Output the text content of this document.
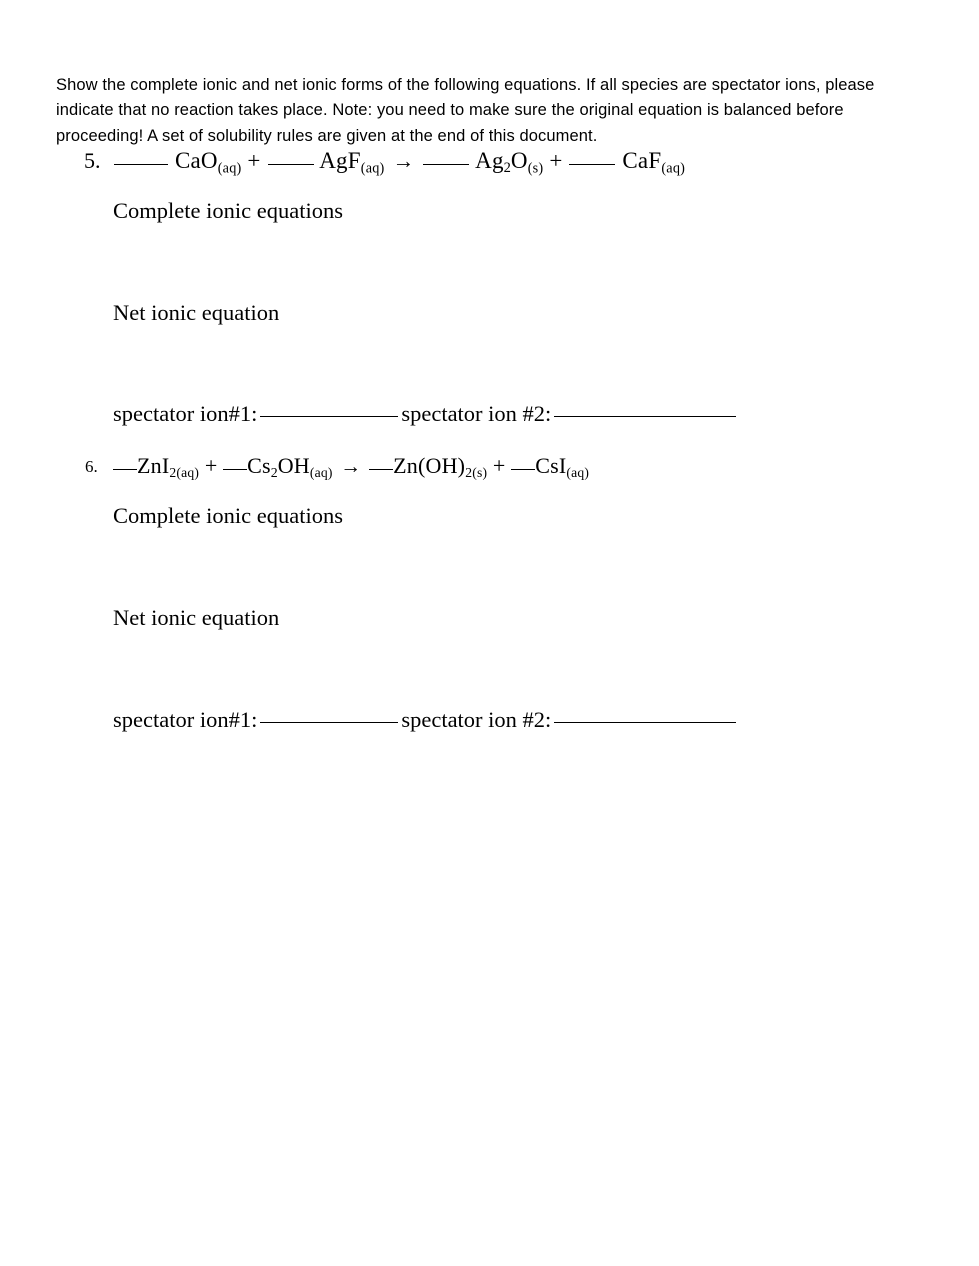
Show the complete ionic and net ionic forms of the following equations. If all species are spectator ions, please indicate that no reaction takes place. Note: you need to make sure the original equation is balanced before proceeding! A set of solubility rules are given at the end of this document.

5.	CaO(aq) +	AgF(aq) →	$Ag_2O(s)$ +	CaF(aq)
Complete ionic equations
Net ionic equation
spectator ion#1:	spectator ion #2:
6.	$ZnI2(aq) + Cs_2OH(aq) \to Zn(OH)2(s) + CsI(aq)$
Complete ionic equations
Net ionic equation
spectator ion#1:	spectator ion #2:
